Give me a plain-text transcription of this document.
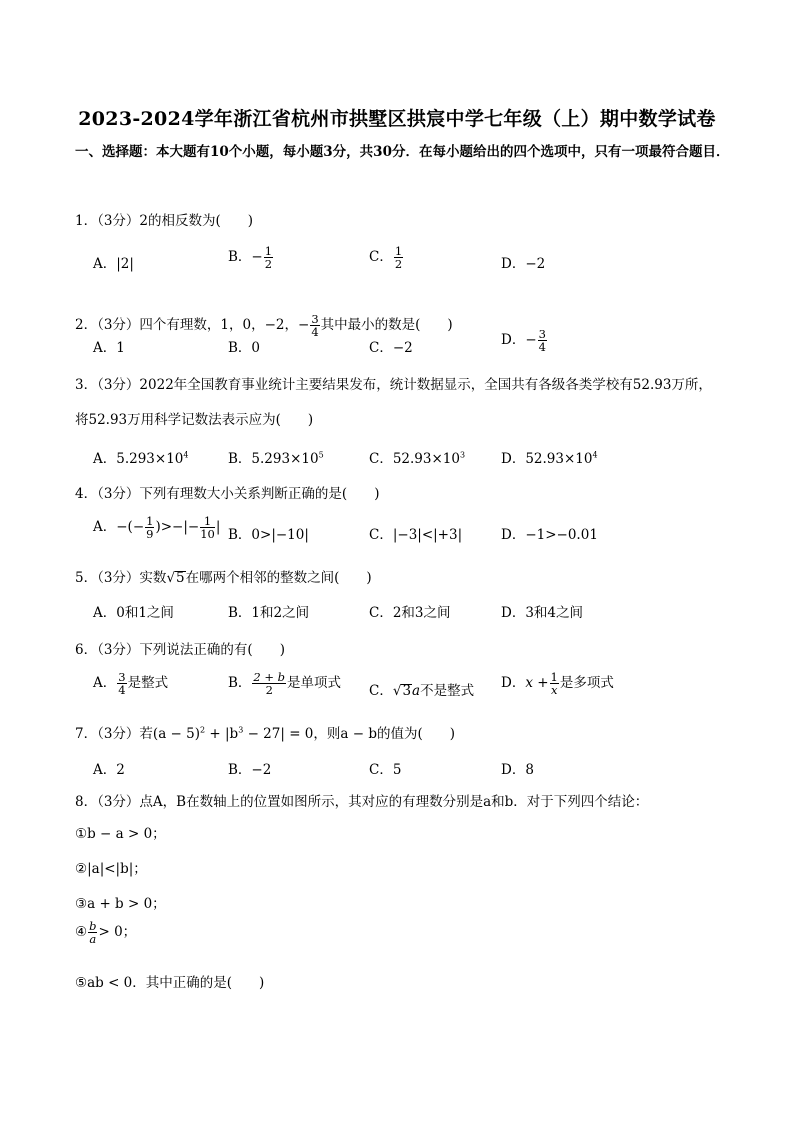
2023-2024学年浙江省杭州市拱墅区拱宸中学七年级（上）期中数学试卷
一、选择题：本大题有10个小题，每小题3分，共30分．在每小题给出的四个选项中，只有一项最符合题目．
1．（3分）2的相反数为(　　)
A．|2|	B．− $\frac{1}{2}$	C． $\frac{1}{2}$	D．−2
2．（3分）四个有理数，1，0，−2，− $\frac{3}{4}$ 其中最小的数是(　　)
A．1	B．0	C．−2	D．− $\frac{3}{4}$
3．（3分）2022年全国教育事业统计主要结果发布，统计数据显示，全国共有各级各类学校有52.93万所，
将52.93万用科学记数法表示应为(　　)
A．$5.293\times 10^4$	B．$5.293\times 10^5$	C．$52.93\times 10^3$	D．$52.93\times 10^4$
4．（3分）下列有理数大小关系判断正确的是(　　)
A．−(− $\frac{1}{9}$ )>−|− $\frac{1}{10}$ | B．0>|−10|	C．|−3|<|+3|	D．−1>−0.01
5．（3分）实数√5在哪两个相邻的整数之间(　　)
A．0和1之间	B．1和2之间	C．2和3之间	D．3和4之间
6．（3分）下列说法正确的有(　　)
A． $\frac{3}{4}$ 是整式	B． $\frac{2 + b}{2}$ 是单项式 C．√3a不是整式 D．$x + \frac{1}{x}$ 是多项式
7．（3分）若$(a - 5)^2 + |b^3 - 27| = 0$，则a − b的值为(　　)
A．2	B．−2	C．5	D．8
8．（3分）点A，B在数轴上的位置如图所示，其对应的有理数分别是a和b．对于下列四个结论：
①b − a > 0；
②|a|<|b|；
③a + b > 0；
④ $\frac{b}{a} > 0$；
⑤ab < 0．其中正确的是(　　)
